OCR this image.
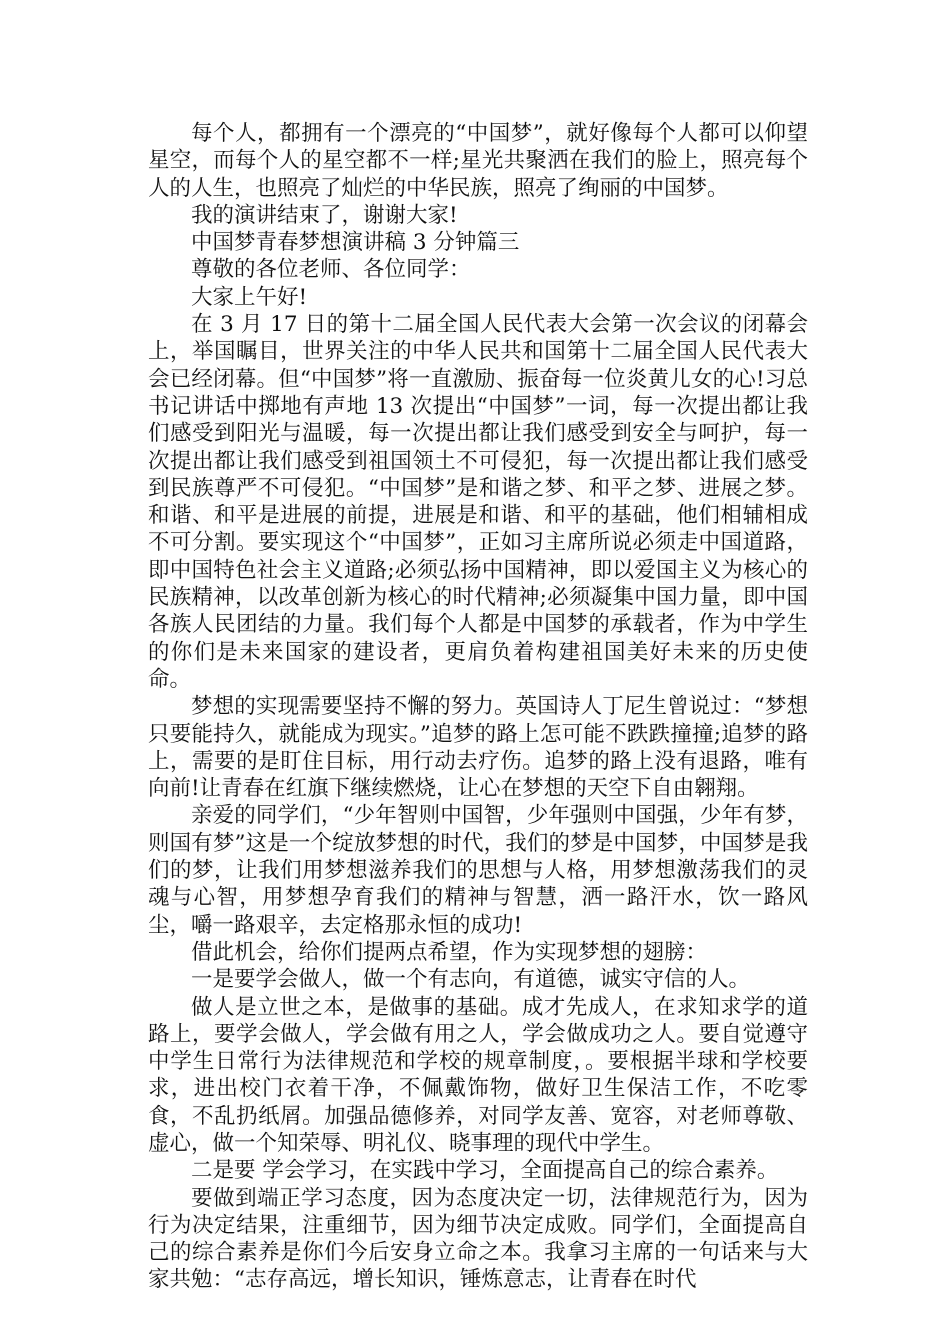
每个人，都拥有一个漂亮的“中国梦”，就好像每个人都可以仰望星空，而每个人的星空都不一样;星光共聚洒在我们的脸上，照亮每个人的人生，也照亮了灿烂的中华民族，照亮了绚丽的中国梦。

我的演讲结束了，谢谢大家!

中国梦青春梦想演讲稿 3 分钟篇三

尊敬的各位老师、各位同学：

大家上午好!

在 3 月 17 日的第十二届全国人民代表大会第一次会议的闭幕会上，举国瞩目，世界关注的中华人民共和国第十二届全国人民代表大会已经闭幕。但“中国梦”将一直激励、振奋每一位炎黄儿女的心!习总书记讲话中掷地有声地 13 次提出“中国梦”一词，每一次提出都让我们感受到阳光与温暖，每一次提出都让我们感受到安全与呵护，每一次提出都让我们感受到祖国领土不可侵犯，每一次提出都让我们感受到民族尊严不可侵犯。“中国梦”是和谐之梦、和平之梦、进展之梦。和谐、和平是进展的前提，进展是和谐、和平的基础，他们相辅相成不可分割。要实现这个“中国梦”，正如习主席所说必须走中国道路，即中国特色社会主义道路;必须弘扬中国精神，即以爱国主义为核心的民族精神，以改革创新为核心的时代精神;必须凝集中国力量，即中国各族人民团结的力量。我们每个人都是中国梦的承载者，作为中学生的你们是未来国家的建设者，更肩负着构建祖国美好未来的历史使命。

梦想的实现需要坚持不懈的努力。英国诗人丁尼生曾说过：“梦想只要能持久，就能成为现实。”追梦的路上怎可能不跌跌撞撞;追梦的路上，需要的是盯住目标，用行动去疗伤。追梦的路上没有退路，唯有向前!让青春在红旗下继续燃烧，让心在梦想的天空下自由翱翔。

亲爱的同学们，“少年智则中国智，少年强则中国强，少年有梦，则国有梦”这是一个绽放梦想的时代，我们的梦是中国梦，中国梦是我们的梦，让我们用梦想滋养我们的思想与人格，用梦想激荡我们的灵魂与心智，用梦想孕育我们的精神与智慧，洒一路汗水，饮一路风尘，嚼一路艰辛，去定格那永恒的成功!

借此机会，给你们提两点希望，作为实现梦想的翅膀：

一是要学会做人，做一个有志向，有道德，诚实守信的人。

做人是立世之本，是做事的基础。成才先成人，在求知求学的道路上，要学会做人，学会做有用之人，学会做成功之人。要自觉遵守中学生日常行为法律规范和学校的规章制度，。要根据半球和学校要求，进出校门衣着干净，不佩戴饰物，做好卫生保洁工作，不吃零食，不乱扔纸屑。加强品德修养，对同学友善、宽容，对老师尊敬、虚心，做一个知荣辱、明礼仪、晓事理的现代中学生。

二是要 学会学习，在实践中学习，全面提高自己的综合素养。

要做到端正学习态度，因为态度决定一切，法律规范行为，因为行为决定结果，注重细节，因为细节决定成败。同学们，全面提高自己的综合素养是你们今后安身立命之本。我拿习主席的一句话来与大家共勉：“志存高远，增长知识，锤炼意志，让青春在时代
